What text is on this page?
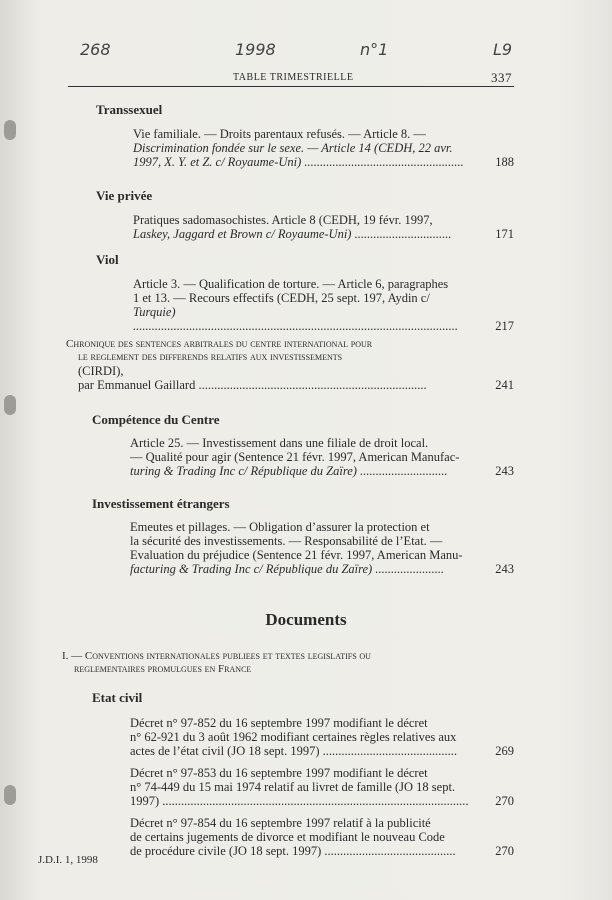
268	1998	n°1	L9
TABLE TRIMESTRIELLE	337

Transsexuel

Vie familiale. — Droits parentaux refusés. — Article 8. —
Discrimination fondée sur le sexe. — Article 14 (CEDH, 22 avr.
1997, X. Y. et Z. c/ Royaume-Uni) ...................................................	188

Vie privée

Pratiques sadomasochistes. Article 8 (CEDH, 19 févr. 1997,
Laskey, Jaggard et Brown c/ Royaume-Uni) ...............................	171

Viol

Article 3. — Qualification de torture. — Article 6, paragraphes
1 et 13. — Recours effectifs (CEDH, 25 sept. 197, Aydin c/
Turquie) ........................................................................................................	217
Chronique des sentences arbitrales du centre international pour
le reglement des differends relatifs aux investissements
(CIRDI),
par Emmanuel Gaillard .........................................................................	241

Compétence du Centre

Article 25. — Investissement dans une filiale de droit local.
— Qualité pour agir (Sentence 21 févr. 1997, American Manufac-
turing & Trading Inc c/ République du Zaïre) ............................	243

Investissement étrangers

Emeutes et pillages. — Obligation d’assurer la protection et
la sécurité des investissements. — Responsabilité de l’Etat. —
Evaluation du préjudice (Sentence 21 févr. 1997, American Manu-
facturing & Trading Inc c/ République du Zaïre) ......................	243
Documents
I. — Conventions internationales publiees et textes legislatifs ou
reglementaires promulgues en France

Etat civil

Décret n° 97-852 du 16 septembre 1997 modifiant le décret
n° 62-921 du 3 août 1962 modifiant certaines règles relatives aux
actes de l’état civil (JO 18 sept. 1997) ...........................................	269
Décret n° 97-853 du 16 septembre 1997 modifiant le décret
n° 74-449 du 15 mai 1974 relatif au livret de famille (JO 18 sept.
1997) ..................................................................................................	270
Décret n° 97-854 du 16 septembre 1997 relatif à la publicité
de certains jugements de divorce et modifiant le nouveau Code
de procédure civile (JO 18 sept. 1997) ..........................................	270
J.D.I. 1, 1998
